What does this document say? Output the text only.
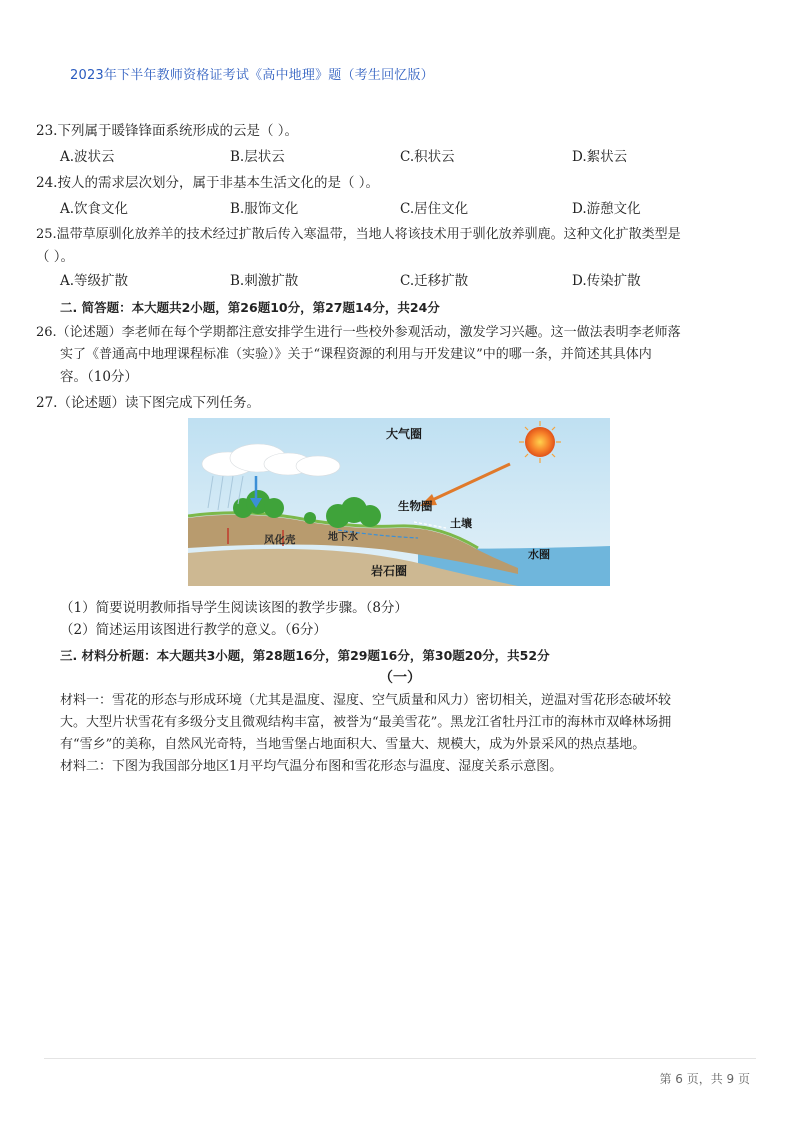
2023年下半年教师资格证考试《高中地理》题（考生回忆版）
23.下列属于暖锋锋面系统形成的云是（ ）。
A.波状云	B.层状云	C.积状云	D.絮状云
24.按人的需求层次划分，属于非基本生活文化的是（ ）。
A.饮食文化	B.服饰文化	C.居住文化	D.游憩文化
25.温带草原驯化放养羊的技术经过扩散后传入寒温带，当地人将该技术用于驯化放养驯鹿。这种文化扩散类型是
（ ）。
A.等级扩散	B.刺激扩散	C.迁移扩散	D.传染扩散
二. 简答题：本大题共2小题，第26题10分，第27题14分，共24分
26.（论述题）李老师在每个学期都注意安排学生进行一些校外参观活动，激发学习兴趣。这一做法表明李老师落
实了《普通高中地理课程标准（实验）》关于“课程资源的利用与开发建议”中的哪一条，并简述其具体内
容。（10分）
27.（论述题）读下图完成下列任务。
大气圈
生物圈
土壤
风化壳	地下水
水圈
岩石圈
（1）简要说明教师指导学生阅读该图的教学步骤。（8分）
（2）简述运用该图进行教学的意义。（6分）
三. 材料分析题：本大题共3小题，第28题16分，第29题16分，第30题20分，共52分
（一）
材料一：雪花的形态与形成环境（尤其是温度、湿度、空气质量和风力）密切相关，逆温对雪花形态破坏较
大。大型片状雪花有多级分支且微观结构丰富，被誉为“最美雪花”。黑龙江省牡丹江市的海林市双峰林场拥
有“雪乡”的美称，自然风光奇特，当地雪堡占地面积大、雪量大、规模大，成为外景采风的热点基地。
材料二：下图为我国部分地区1月平均气温分布图和雪花形态与温度、湿度关系示意图。
第 6 页，共 9 页
